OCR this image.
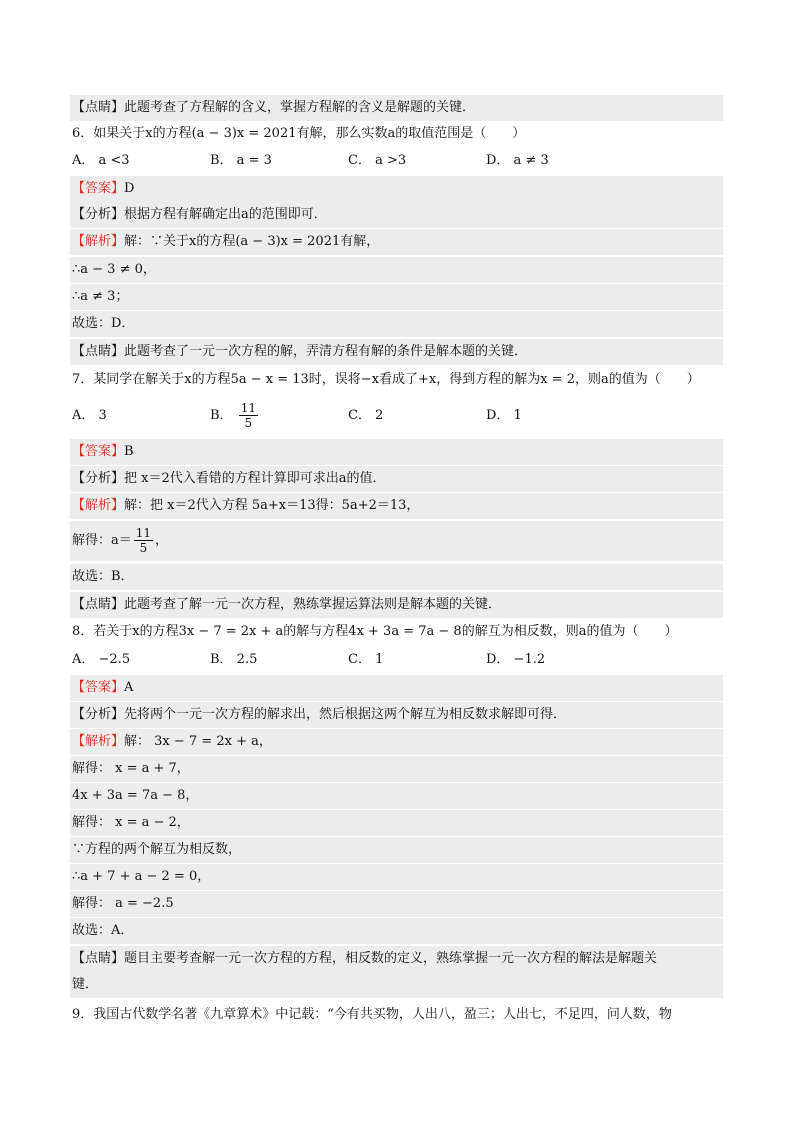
【点睛】此题考查了方程解的含义，掌握方程解的含义是解题的关键．
6．如果关于x的方程(a − 3)x = 2021有解，那么实数a的取值范围是（　　）
A． a <3	B． a = 3	C． a >3	D． a ≠ 3
【答案】D
【分析】根据方程有解确定出a的范围即可．
【解析】解：∵关于x的方程(a − 3)x = 2021有解，
∴a − 3 ≠ 0，
∴a ≠ 3；
故选：D．
【点睛】此题考查了一元一次方程的解，弄清方程有解的条件是解本题的关键．
7．某同学在解关于x的方程5a − x = 13时，误将−x看成了+x，得到方程的解为x = 2，则a的值为（　　）
A． 3	B． $\frac{11}{5}$	C． 2	D． 1
【答案】B
【分析】把 x＝2代入看错的方程计算即可求出a的值．
【解析】解：把 x＝2代入方程 5a+x＝13得：5a+2＝13，
解得：$a= \frac{11}{5}$ ，
故选：B．
【点睛】此题考查了解一元一次方程，熟练掌握运算法则是解本题的关键．
8．若关于x的方程3x − 7 = 2x + a的解与方程4x + 3a = 7a − 8的解互为相反数，则a的值为（　　）
A． −2.5	B． 2.5	C． 1	D． −1.2
【答案】A
【分析】先将两个一元一次方程的解求出，然后根据这两个解互为相反数求解即可得．
【解析】解： 3x − 7 = 2x + a，
解得： x = a + 7，
4x + 3a = 7a − 8，
解得： x = a − 2，
∵方程的两个解互为相反数，
∴a + 7 + a − 2 = 0，
解得： a = −2.5
故选：A．
【点睛】题目主要考查解一元一次方程的方程，相反数的定义，熟练掌握一元一次方程的解法是解题关
键．
9．我国古代数学名著《九章算术》中记载：“今有共买物，人出八，盈三；人出七，不足四，问人数，物
